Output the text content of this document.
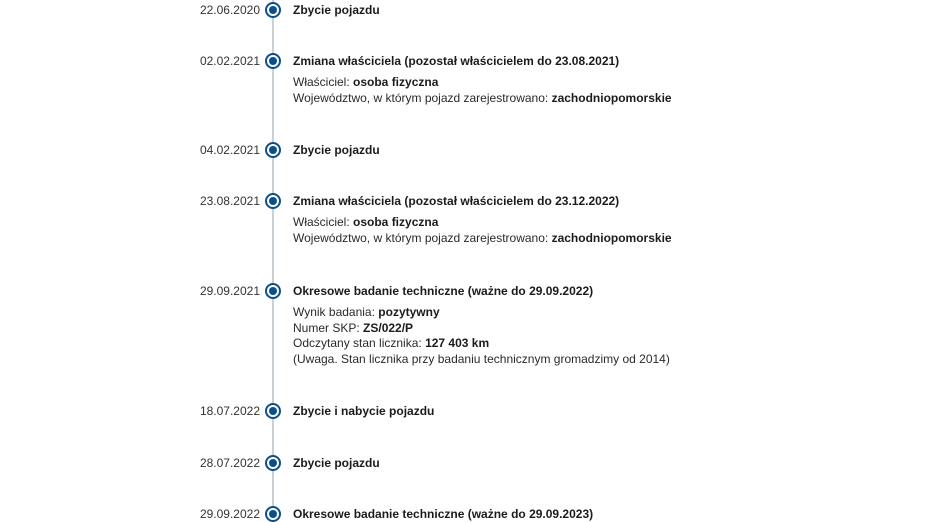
22.06.2020	Zbycie pojazdu
02.02.2021	Zmiana właściciela (pozostał właścicielem do 23.08.2021)
Właściciel: osoba fizyczna
Województwo, w którym pojazd zarejestrowano: zachodniopomorskie
04.02.2021	Zbycie pojazdu
23.08.2021	Zmiana właściciela (pozostał właścicielem do 23.12.2022)
Właściciel: osoba fizyczna
Województwo, w którym pojazd zarejestrowano: zachodniopomorskie
29.09.2021	Okresowe badanie techniczne (ważne do 29.09.2022)
Wynik badania: pozytywny
Numer SKP: ZS/022/P
Odczytany stan licznika: 127 403 km
(Uwaga. Stan licznika przy badaniu technicznym gromadzimy od 2014)
18.07.2022	Zbycie i nabycie pojazdu
28.07.2022	Zbycie pojazdu
29.09.2022	Okresowe badanie techniczne (ważne do 29.09.2023)
